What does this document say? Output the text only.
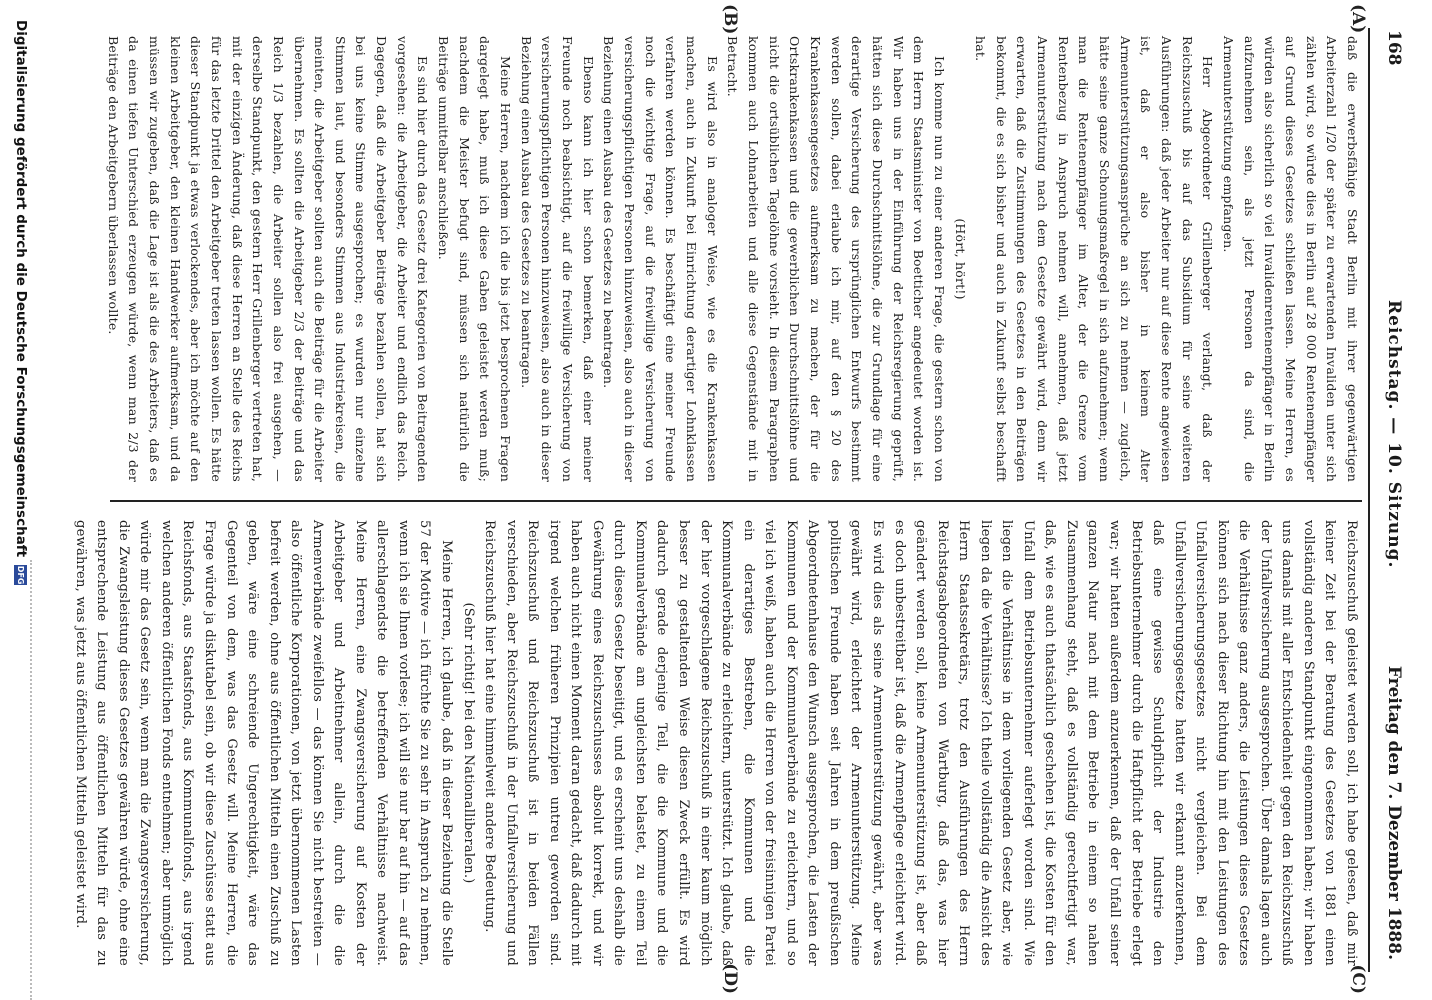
168
Reichstag. — 10. Sitzung.
Freitag den 7. Dezember 1888.
(A)
(B)
(C)
(D)

daß die erwerbsfähige Stadt Berlin mit ihrer gegenwärtigen Arbeiterzahl 1/20 der später zu erwartenden Invaliden unter sich zählen wird, so würde dies in Berlin auf 28 000 Rentenempfänger auf Grund dieses Gesetzes schließen lassen. Meine Herren, es würden also sicherlich so viel Invalidenrentenempfänger in Berlin aufzunehmen sein, als jetzt Personen da sind, die Armenunterstützung empfangen.

Herr Abgeordneter Grillenberger verlangt, daß der Reichszuschuß bis auf das Subsidium für seine weiteren Ausführungen: daß jeder Arbeiter nur auf diese Rente angewiesen ist, daß er also bisher in keinem Alter Armenunterstützungsansprüche an sich zu nehmen — zugleich, hätte seine ganze Schonungsmaßregel in sich aufzunehmen; wenn man die Rentenempfänger im Alter, der die Grenze vom Rentenbezug in Anspruch nehmen will, annehmen, daß jetzt Armenunterstützung nach dem Gesetze gewährt wird, denn wir erwarten, daß die Zustimmungen des Gesetzes in den Beiträgen bekommt, die es sich bisher und auch in Zukunft selbst beschafft hat.

(Hört, hört!)

Ich komme nun zu einer anderen Frage, die gestern schon von dem Herrn Staatsminister von Boetticher angedeutet worden ist. Wir haben uns in der Einführung der Reichsregierung geprüft, hätten sich diese Durchschnittslöhne, die zur Grundlage für eine derartige Versicherung des ursprünglichen Entwurfs bestimmt werden sollen, dabei erlaube ich mir, auf den § 20 des Krankenkassengesetzes aufmerksam zu machen, der für die Ortskrankenkassen und die gewerblichen Durchschnittslöhne und nicht die ortsüblichen Tagelöhne vorsieht. In diesem Paragraphen kommen auch Lohnarbeiten und alle diese Gegenstände mit in Betracht.

Es wird also in analoger Weise, wie es die Krankenkassen machen, auch in Zukunft bei Einrichtung derartiger Lohnklassen verfahren werden können. Es beschäftigt eine meiner Freunde noch die wichtige Frage, auf die freiwillige Versicherung von versicherungspflichtigen Personen hinzuweisen, also auch in dieser Beziehung einen Ausbau des Gesetzes zu beantragen.

Ebenso kann ich hier schon bemerken, daß einer meiner Freunde noch beabsichtigt, auf die freiwillige Versicherung von versicherungspflichtigen Personen hinzuweisen, also auch in dieser Beziehung einen Ausbau des Gesetzes zu beantragen.

Meine Herren, nachdem ich die bis jetzt besprochenen Fragen dargelegt habe, muß ich diese Gaben geleistet werden muß; nachdem die Meister befugt sind, müssen sich natürlich die Beiträge unmittelbar anschließen.

Es sind hier durch das Gesetz drei Kategorien von Beitragenden vorgesehen: die Arbeitgeber, die Arbeiter und endlich das Reich. Dagegen, daß die Arbeitgeber Beiträge bezahlen sollen, hat sich bei uns keine Stimme ausgesprochen; es wurden nur einzelne Stimmen laut, und besonders Stimmen aus Industriekreisen, die meinten, die Arbeitgeber sollten auch die Beiträge für die Arbeiter übernehmen. Es sollten die Arbeitgeber 2/3 der Beiträge und das Reich 1/3 bezahlen, die Arbeiter sollen also frei ausgehen, — derselbe Standpunkt, den gestern Herr Grillenberger vertreten hat, mit der einzigen Änderung, daß diese Herren an Stelle des Reichs für das letzte Drittel den Arbeitgeber treten lassen wollen. Es hätte dieser Standpunkt ja etwas verlockendes, aber ich möchte auf den kleinen Arbeitgeber, den kleinen Handwerker aufmerksam, und da müssen wir zugeben, daß die Lage ist als die des Arbeiters, daß es da einen tiefen Unterschied erzeugen würde, wenn man 2/3 der Beiträge den Arbeitgebern überlassen wollte.

Reichszuschuß geleistet werden soll, ich habe gelesen, daß mir keiner Zeit bei der Beratung des Gesetzes von 1881 einen vollständig anderen Standpunkt eingenommen haben; wir haben uns damals mit aller Entschiedenheit gegen den Reichszuschuß der Unfallversicherung ausgesprochen. Über damals lagen auch die Verhältnisse ganz anders, die Leistungen dieses Gesetzes können sich nach dieser Richtung hin mit den Leistungen des Unfallversicherungsgesetzes nicht vergleichen. Bei dem Unfallversicherungsgesetze hatten wir erkannt anzuerkennen, daß eine gewisse Schuldpflicht der Industrie den Betriebsunternehmer durch die Haftpflicht der Betriebe erlegt war; wir hatten außerdem anzuerkennen, daß der Unfall seiner ganzen Natur nach mit dem Betriebe in einem so nahen Zusammenhang steht, daß es vollständig gerechtfertigt war, daß, wie es auch thatsächlich geschehen ist, die Kosten für den Unfall dem Betriebsunternehmer auferlegt worden sind. Wie liegen die Verhältnisse in dem vorliegenden Gesetz aber, wie liegen da die Verhältnisse? Ich theile vollständig die Ansicht des Herrn Staatssekretärs, trotz den Ausführungen des Herrn Reichstagsabgeordneten von Wartburg, daß das, was hier geändert werden soll, keine Armenunterstützung ist, aber daß es doch unbestreitbar ist, daß die Armenpflege erleichtert wird. Es wird dies als seine Armenunterstützung gewährt, aber was gewährt wird, erleichtert der Armenunterstützung. Meine politischen Freunde haben seit Jahren in dem preußischen Abgeordnetenhause den Wunsch ausgesprochen, die Lasten der Kommunen und der Kommunalverbände zu erleichtern, und so viel ich weiß, haben auch die Herren von der freisinnigen Partei ein derartiges Bestreben, die Kommunen und die Kommunalverbände zu erleichtern, unterstützt. Ich glaube, daß der hier vorgeschlagene Reichszuschuß in einer kaum möglich besser zu gestaltenden Weise diesen Zweck erfüllt. Es wird dadurch gerade derjenige Teil, die die Kommune und die Kommunalverbände am ungleichsten belastet, zu einem Teil durch dieses Gesetz beseitigt, und es erscheint uns deshalb die Gewährung eines Reichszuschusses absolut korrekt, und wir haben auch nicht einen Moment daran gedacht, daß dadurch mit irgend welchen früheren Prinzipien untreu geworden sind. Reichszuschuß und Reichszuschuß ist in beiden Fällen verschieden, aber Reichszuschuß in der Unfallversicherung und Reichszuschuß hier hat eine himmelweit andere Bedeutung.

(Sehr richtig! bei den Nationalliberalen.)

Meine Herren, ich glaube, daß in dieser Beziehung die Stelle 57 der Motive — ich fürchte Sie zu sehr in Anspruch zu nehmen, wenn ich sie Ihnen vorlese; ich will sie nur bar auf hin — auf das allerschlagendste die betreffenden Verhältnisse nachweist. Meine Herren, eine Zwangsversicherung auf Kosten der Arbeitgeber und Arbeitnehmer allein, durch die die Armenverbände zweifellos — das können Sie nicht bestreiten — also öffentliche Korporationen, von jetzt übernommenen Lasten befreit werden, ohne aus öffentlichen Mitteln einen Zuschuß zu geben, wäre eine schreiende Ungerechtigkeit, wäre das Gegenteil von dem, was das Gesetz will. Meine Herren, die Frage würde ja diskutabel sein, ob wir diese Zuschüsse statt aus Reichsfonds, aus Staatsfonds, aus Kommunalfonds, aus irgend welchen anderen öffentlichen Fonds entnehmen; aber unmöglich würde mir das Gesetz sein, wenn man die Zwangsversicherung, die Zwangsleistung dieses Gesetzes gewähren würde, ohne eine entsprechende Leistung aus öffentlichen Mitteln für das zu gewähren, was jetzt aus öffentlichen Mitteln geleistet wird.

Digitalisierung gefördert durch die Deutsche Forschungsgemeinschaft
DFG
